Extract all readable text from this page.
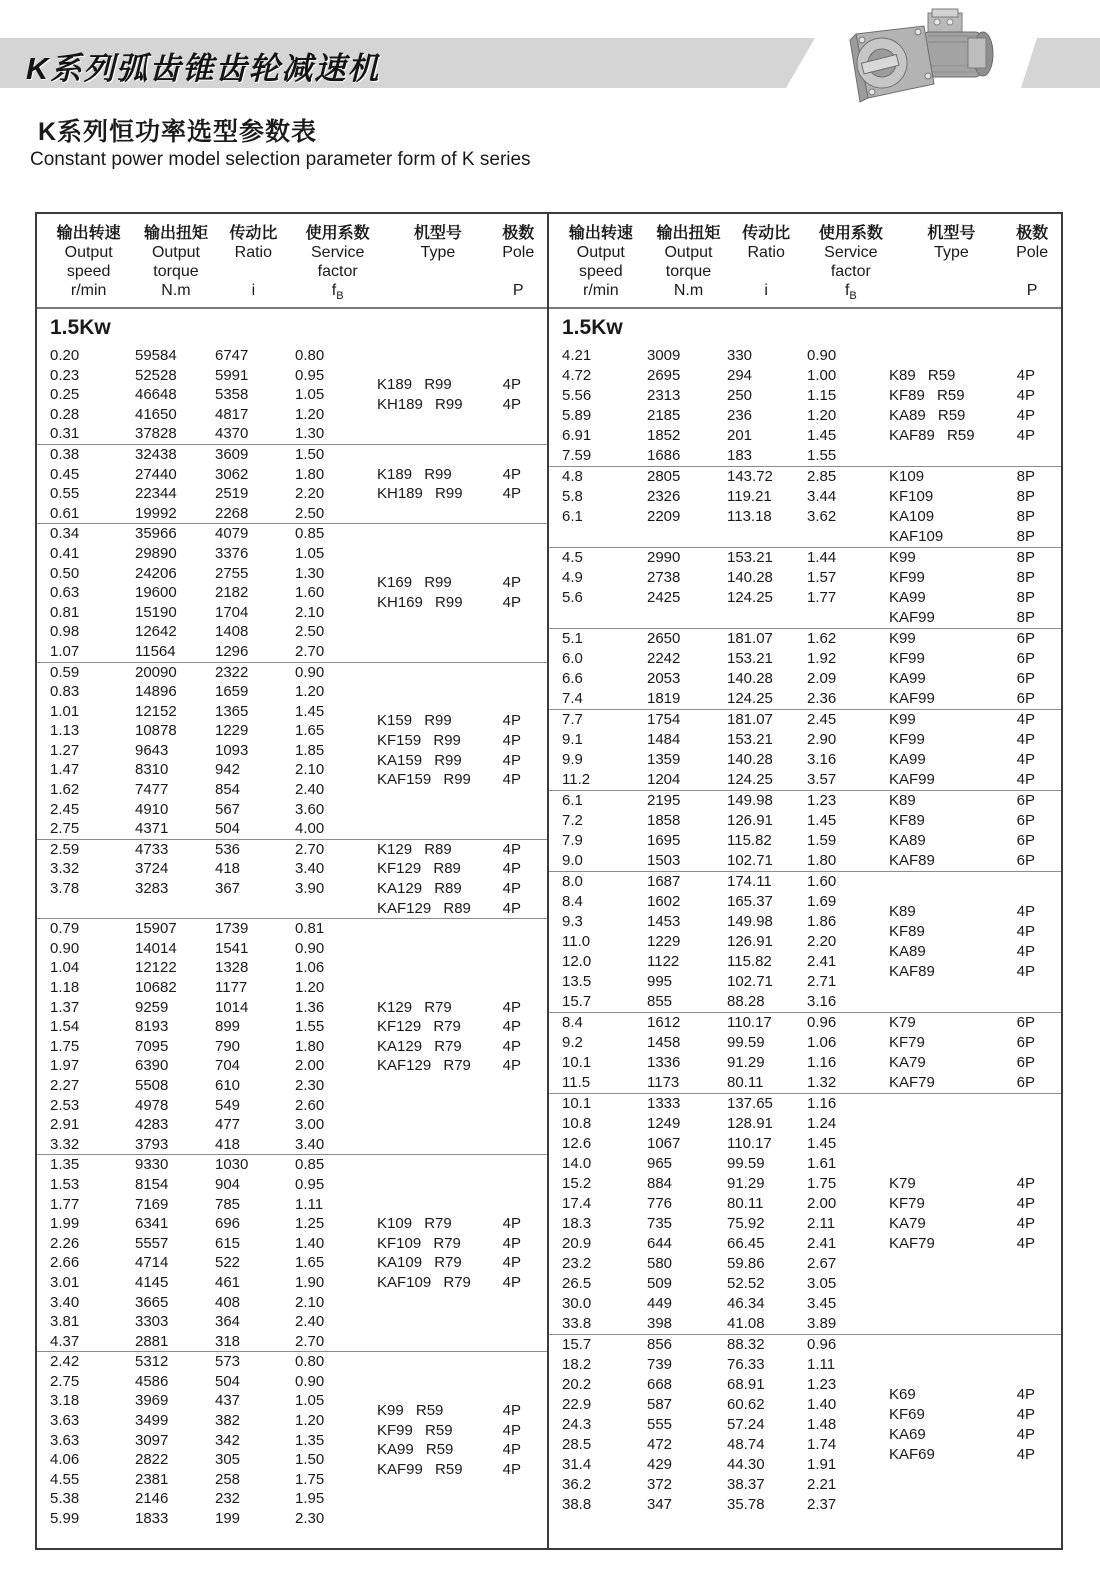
K系列弧齿锥齿轮减速机
K系列恒功率选型参数表
Constant power model selection parameter form of K series
输出转速
Output
speed
r/min
输出扭矩
Output
torque
N.m
传动比
Ratio

i
使用系数
Service
factor
$f_B$
机型号
Type
极数
Pole

P
1.5Kw
0.20	59584	6747	0.80
0.23	52528	5991	0.95
0.25	46648	5358	1.05
0.28	41650	4817	1.20
0.31	37828	4370	1.30
K189 R99	4P
KH189 R99	4P
0.38	32438	3609	1.50
0.45	27440	3062	1.80
0.55	22344	2519	2.20
0.61	19992	2268	2.50
K189 R99	4P
KH189 R99	4P
0.34	35966	4079	0.85
0.41	29890	3376	1.05
0.50	24206	2755	1.30
0.63	19600	2182	1.60
0.81	15190	1704	2.10
0.98	12642	1408	2.50
1.07	11564	1296	2.70
K169 R99	4P
KH169 R99	4P
0.59	20090	2322	0.90
0.83	14896	1659	1.20
1.01	12152	1365	1.45
1.13	10878	1229	1.65
1.27	9643	1093	1.85
1.47	8310	942	2.10
1.62	7477	854	2.40
2.45	4910	567	3.60
2.75	4371	504	4.00
K159 R99	4P
KF159 R99	4P
KA159 R99	4P
KAF159 R99 4P
2.59	4733	536	2.70
3.32	3724	418	3.40
3.78	3283	367	3.90
K129 R89	4P
KF129 R89	4P
KA129 R89	4P
KAF129 R89 4P
0.79	15907	1739	0.81
0.90	14014	1541	0.90
1.04	12122	1328	1.06
1.18	10682	1177	1.20
1.37	9259	1014	1.36
1.54	8193	899	1.55
1.75	7095	790	1.80
1.97	6390	704	2.00
2.27	5508	610	2.30
2.53	4978	549	2.60
2.91	4283	477	3.00
3.32	3793	418	3.40
K129 R79	4P
KF129 R79	4P
KA129 R79	4P
KAF129 R79 4P
1.35	9330	1030	0.85
1.53	8154	904	0.95
1.77	7169	785	1.11
1.99	6341	696	1.25
2.26	5557	615	1.40
2.66	4714	522	1.65
3.01	4145	461	1.90
3.40	3665	408	2.10
3.81	3303	364	2.40
4.37	2881	318	2.70
K109 R79	4P
KF109 R79	4P
KA109 R79	4P
KAF109 R79 4P
2.42	5312	573	0.80
2.75	4586	504	0.90
3.18	3969	437	1.05
3.63	3499	382	1.20
3.63	3097	342	1.35
4.06	2822	305	1.50
4.55	2381	258	1.75
5.38	2146	232	1.95
5.99	1833	199	2.30
K99 R59	4P
KF99 R59	4P
KA99 R59	4P
KAF99 R59	4P
输出转速
Output
speed
r/min
输出扭矩
Output
torque
N.m
传动比
Ratio

i
使用系数
Service
factor
$f_B$
机型号
Type
极数
Pole

P
1.5Kw
4.21	3009	330	0.90
4.72	2695	294	1.00
5.56	2313	250	1.15
5.89	2185	236	1.20
6.91	1852	201	1.45
7.59	1686	183	1.55
K89 R59	4P
KF89 R59	4P
KA89 R59	4P
KAF89 R59	4P
4.8	2805	143.72	2.85
5.8	2326	119.21	3.44
6.1	2209	113.18	3.62
K109	8P
KF109	8P
KA109	8P
KAF109	8P
4.5	2990	153.21	1.44
4.9	2738	140.28	1.57
5.6	2425	124.25	1.77
K99	8P
KF99	8P
KA99	8P
KAF99	8P
5.1	2650	181.07	1.62
6.0	2242	153.21	1.92
6.6	2053	140.28	2.09
7.4	1819	124.25	2.36
K99	6P
KF99	6P
KA99	6P
KAF99	6P
7.7	1754	181.07	2.45
9.1	1484	153.21	2.90
9.9	1359	140.28	3.16
11.2	1204	124.25	3.57
K99	4P
KF99	4P
KA99	4P
KAF99	4P
6.1	2195	149.98	1.23
7.2	1858	126.91	1.45
7.9	1695	115.82	1.59
9.0	1503	102.71	1.80
K89	6P
KF89	6P
KA89	6P
KAF89	6P
8.0	1687	174.11	1.60
8.4	1602	165.37	1.69
9.3	1453	149.98	1.86
11.0	1229	126.91	2.20
12.0	1122	115.82	2.41
13.5	995	102.71	2.71
15.7	855	88.28	3.16
K89	4P
KF89	4P
KA89	4P
KAF89	4P
8.4	1612	110.17	0.96
9.2	1458	99.59	1.06
10.1	1336	91.29	1.16
11.5	1173	80.11	1.32
K79	6P
KF79	6P
KA79	6P
KAF79	6P
10.1	1333	137.65	1.16
10.8	1249	128.91	1.24
12.6	1067	110.17	1.45
14.0	965	99.59	1.61
15.2	884	91.29	1.75
17.4	776	80.11	2.00
18.3	735	75.92	2.11
20.9	644	66.45	2.41
23.2	580	59.86	2.67
26.5	509	52.52	3.05
30.0	449	46.34	3.45
33.8	398	41.08	3.89
K79	4P
KF79	4P
KA79	4P
KAF79	4P
15.7	856	88.32	0.96
18.2	739	76.33	1.11
20.2	668	68.91	1.23
22.9	587	60.62	1.40
24.3	555	57.24	1.48
28.5	472	48.74	1.74
31.4	429	44.30	1.91
36.2	372	38.37	2.21
38.8	347	35.78	2.37
K69	4P
KF69	4P
KA69	4P
KAF69	4P
